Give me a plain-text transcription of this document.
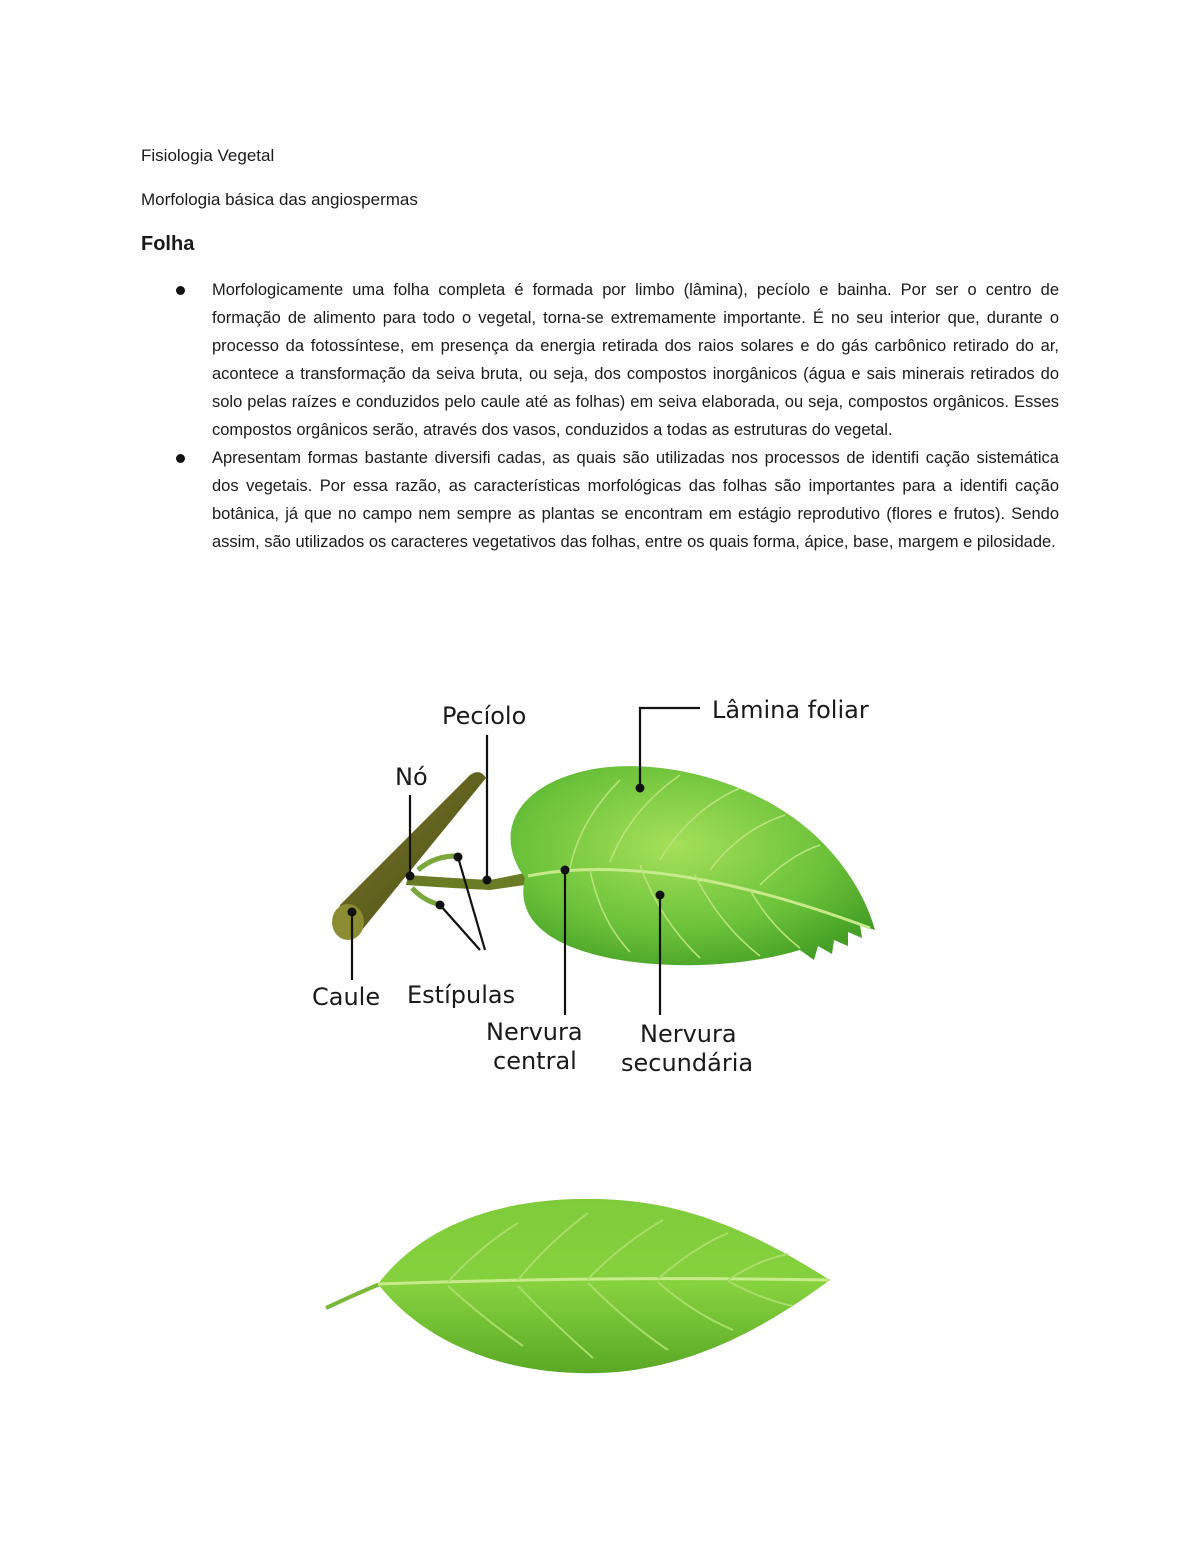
Fisiologia Vegetal
Morfologia básica das angiospermas
Folha
Morfologicamente uma folha completa é formada por limbo (lâmina), pecíolo e bainha. Por ser o centro de formação de alimento para todo o vegetal, torna-se extremamente importante. É no seu interior que, durante o processo da fotossíntese, em presença da energia retirada dos raios solares e do gás carbônico retirado do ar, acontece a transformação da seiva bruta, ou seja, dos compostos inorgânicos (água e sais minerais retirados do solo pelas raízes e conduzidos pelo caule até as folhas) em seiva elaborada, ou seja, compostos orgânicos. Esses compostos orgânicos serão, através dos vasos, conduzidos a todas as estruturas do vegetal.
Apresentam formas bastante diversifi cadas, as quais são utilizadas nos processos de identifi cação sistemática dos vegetais. Por essa razão, as características morfológicas das folhas são importantes para a identifi cação botânica, já que no campo nem sempre as plantas se encontram em estágio reprodutivo (flores e frutos). Sendo assim, são utilizados os caracteres vegetativos das folhas, entre os quais forma, ápice, base, margem e pilosidade.
Pecíolo	Lâmina foliar
Nó
Caule Estípulas
Nervura
central
Nervura
secundária
